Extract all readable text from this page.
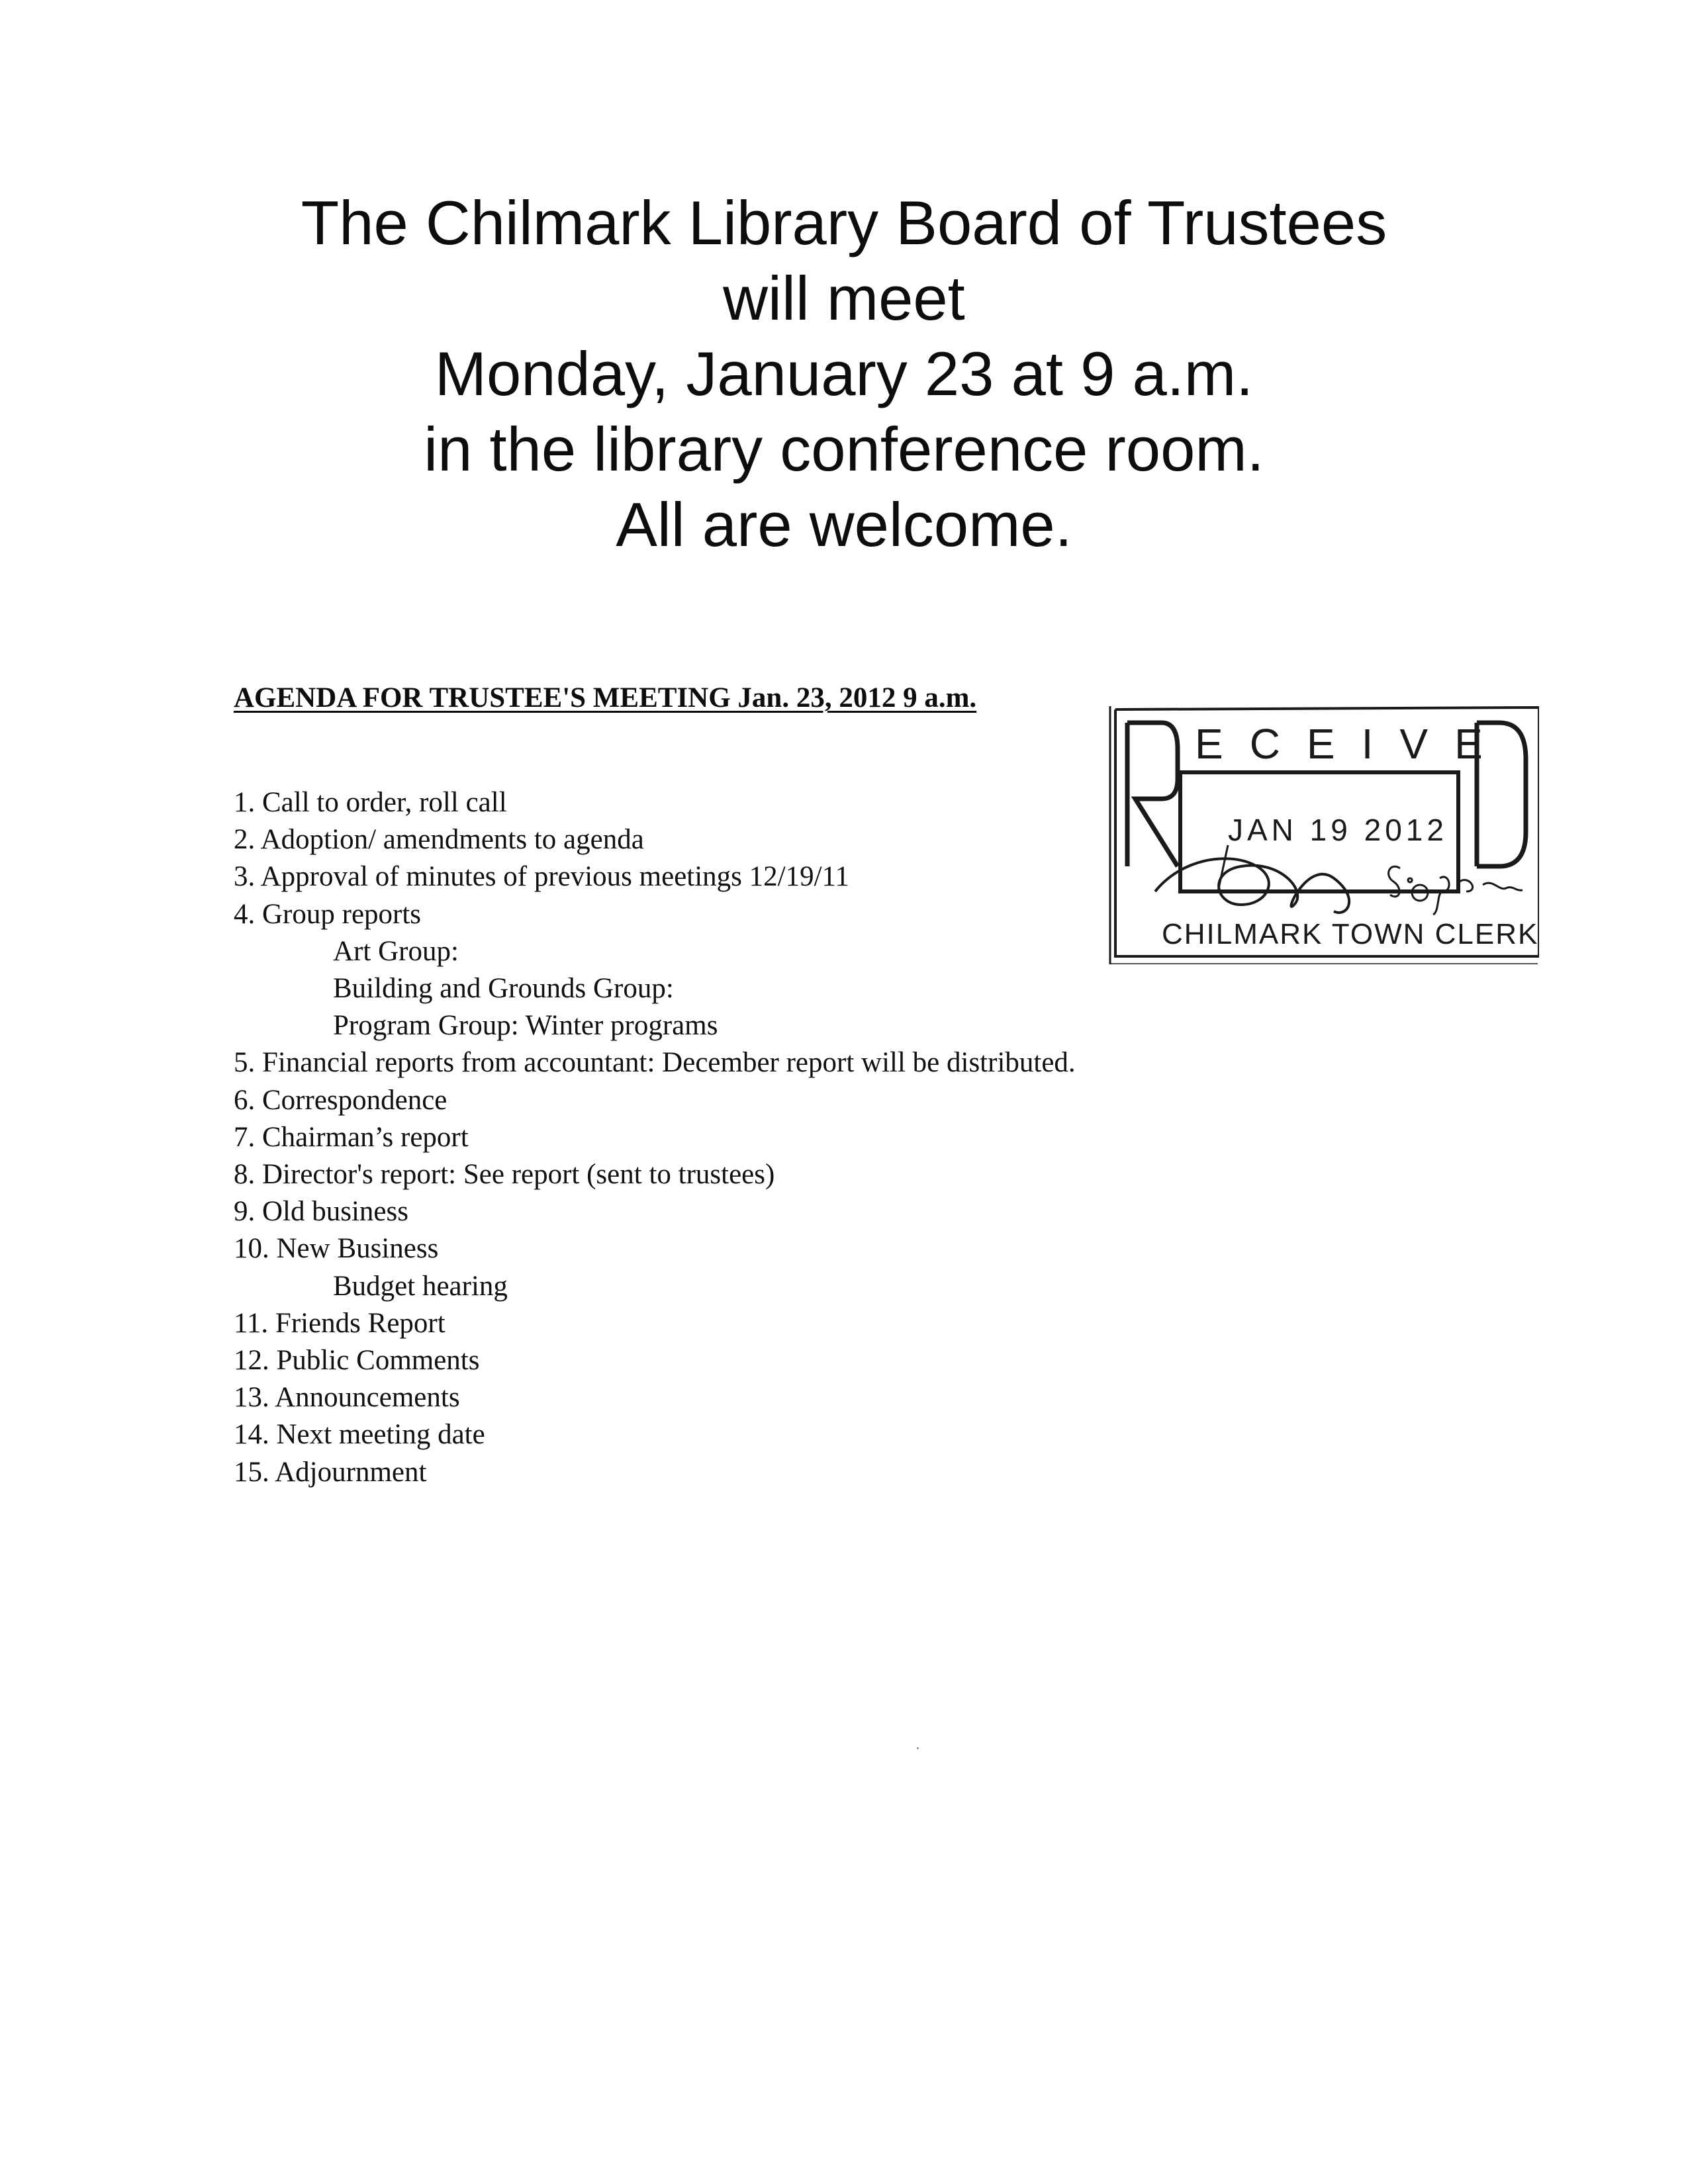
The Chilmark Library Board of Trustees
will meet
Monday, January 23 at 9 a.m.
in the library conference room.
All are welcome.
AGENDA FOR TRUSTEE'S MEETING Jan. 23, 2012 9 a.m.
1. Call to order, roll call
2. Adoption/ amendments to agenda
3. Approval of minutes of previous meetings 12/19/11
4. Group reports
Art Group:
Building and Grounds Group:
Program Group: Winter programs
5. Financial reports from accountant: December report will be distributed.
6. Correspondence
7. Chairman’s report
8. Director's report: See report (sent to trustees)
9. Old business
10. New Business
Budget hearing
11. Friends Report
12. Public Comments
13. Announcements
14. Next meeting date
15. Adjournment
ECEIVE
JAN 19 2012
CHILMARK TOWN CLERK
